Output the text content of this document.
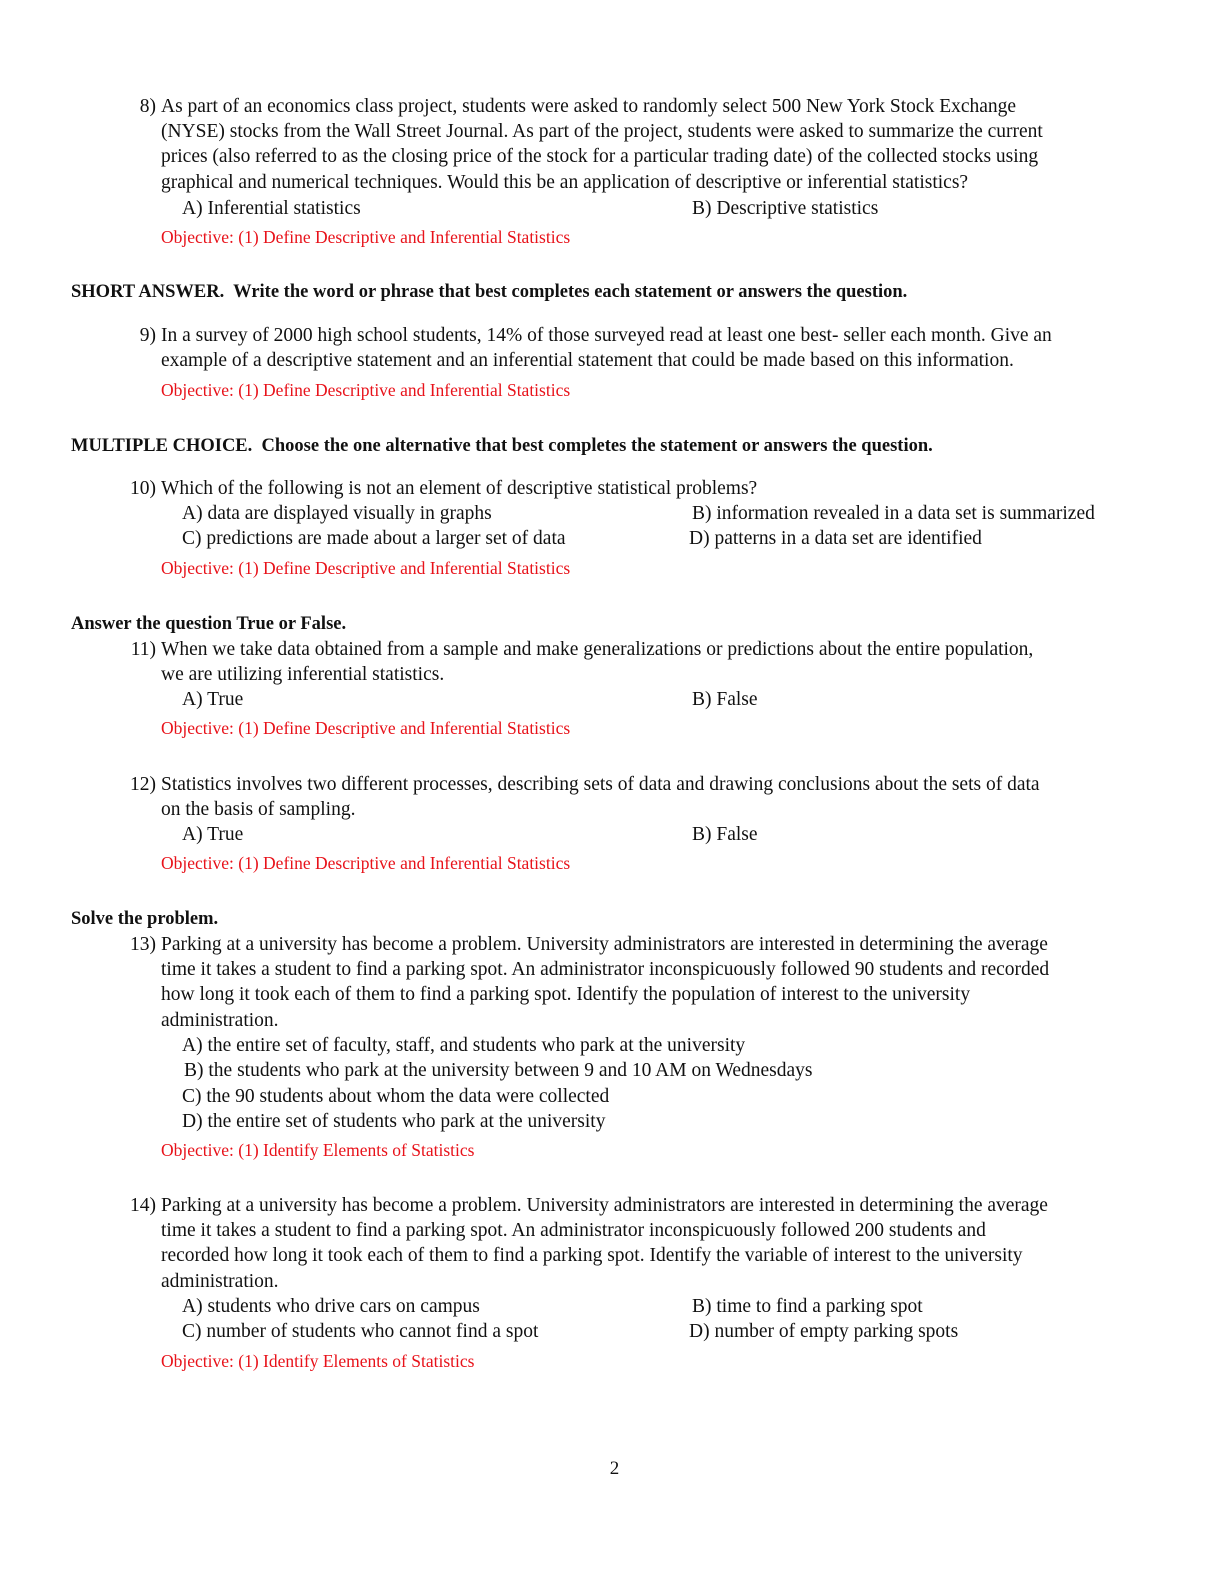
8) As part of an economics class project, students were asked to randomly select 500 New York Stock Exchange
(NYSE) stocks from the Wall Street Journal. As part of the project, students were asked to summarize the current
prices (also referred to as the closing price of the stock for a particular trading date) of the collected stocks using
graphical and numerical techniques. Would this be an application of descriptive or inferential statistics?
A) Inferential statistics	B) Descriptive statistics
Objective: (1) Define Descriptive and Inferential Statistics
SHORT ANSWER. Write the word or phrase that best completes each statement or answers the question.
9) In a survey of 2000 high school students, 14% of those surveyed read at least one best- seller each month. Give an
example of a descriptive statement and an inferential statement that could be made based on this information.
Objective: (1) Define Descriptive and Inferential Statistics
MULTIPLE CHOICE. Choose the one alternative that best completes the statement or answers the question.
10) Which of the following is not an element of descriptive statistical problems?
A) data are displayed visually in graphs	B) information revealed in a data set is summarized
C) predictions are made about a larger set of data	D) patterns in a data set are identified
Objective: (1) Define Descriptive and Inferential Statistics
Answer the question True or False.
11) When we take data obtained from a sample and make generalizations or predictions about the entire population,
we are utilizing inferential statistics.
A) True	B) False
Objective: (1) Define Descriptive and Inferential Statistics
12) Statistics involves two different processes, describing sets of data and drawing conclusions about the sets of data
on the basis of sampling.
A) True	B) False
Objective: (1) Define Descriptive and Inferential Statistics
Solve the problem.
13) Parking at a university has become a problem. University administrators are interested in determining the average
time it takes a student to find a parking spot. An administrator inconspicuously followed 90 students and recorded
how long it took each of them to find a parking spot. Identify the population of interest to the university
administration.
A) the entire set of faculty, staff, and students who park at the university
B) the students who park at the university between 9 and 10 AM on Wednesdays
C) the 90 students about whom the data were collected
D) the entire set of students who park at the university
Objective: (1) Identify Elements of Statistics
14) Parking at a university has become a problem. University administrators are interested in determining the average
time it takes a student to find a parking spot. An administrator inconspicuously followed 200 students and
recorded how long it took each of them to find a parking spot. Identify the variable of interest to the university
administration.
A) students who drive cars on campus	B) time to find a parking spot
C) number of students who cannot find a spot	D) number of empty parking spots
Objective: (1) Identify Elements of Statistics
2
